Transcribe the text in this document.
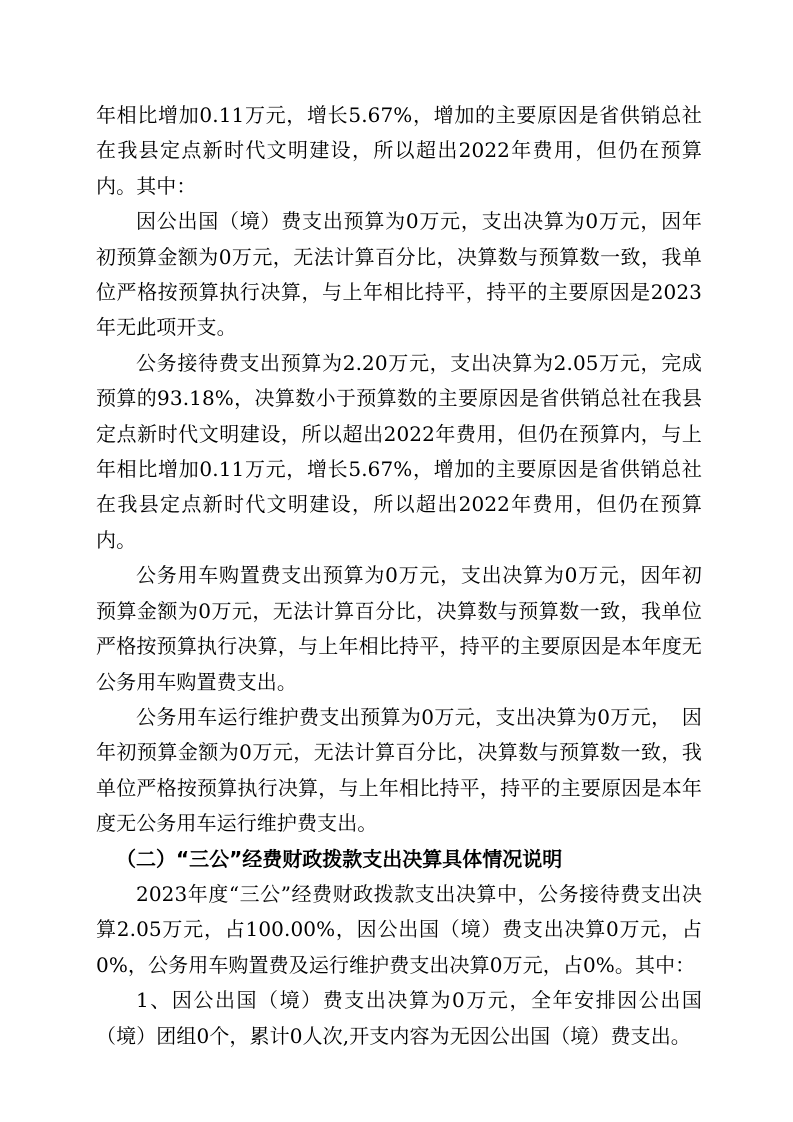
年相比增加0.11万元，增长5.67%，增加的主要原因是省供销总社在我县定点新时代文明建设，所以超出2022年费用，但仍在预算内。其中：

因公出国（境）费支出预算为0万元，支出决算为0万元，因年初预算金额为0万元，无法计算百分比，决算数与预算数一致，我单位严格按预算执行决算，与上年相比持平，持平的主要原因是2023年无此项开支。

公务接待费支出预算为2.20万元，支出决算为2.05万元，完成预算的93.18%，决算数小于预算数的主要原因是省供销总社在我县定点新时代文明建设，所以超出2022年费用，但仍在预算内，与上年相比增加0.11万元，增长5.67%，增加的主要原因是省供销总社在我县定点新时代文明建设，所以超出2022年费用，但仍在预算内。

公务用车购置费支出预算为0万元，支出决算为0万元，因年初预算金额为0万元，无法计算百分比，决算数与预算数一致，我单位严格按预算执行决算，与上年相比持平，持平的主要原因是本年度无公务用车购置费支出。

公务用车运行维护费支出预算为0万元，支出决算为0万元，　因年初预算金额为0万元，无法计算百分比，决算数与预算数一致，我单位严格按预算执行决算，与上年相比持平，持平的主要原因是本年度无公务用车运行维护费支出。

（二）“三公”经费财政拨款支出决算具体情况说明

2023年度“三公”经费财政拨款支出决算中，公务接待费支出决算2.05万元，占100.00%，因公出国（境）费支出决算0万元，占0%，公务用车购置费及运行维护费支出决算0万元，占0%。其中：

1、因公出国（境）费支出决算为0万元，全年安排因公出国（境）团组0个，累计0人次,开支内容为无因公出国（境）费支出。
